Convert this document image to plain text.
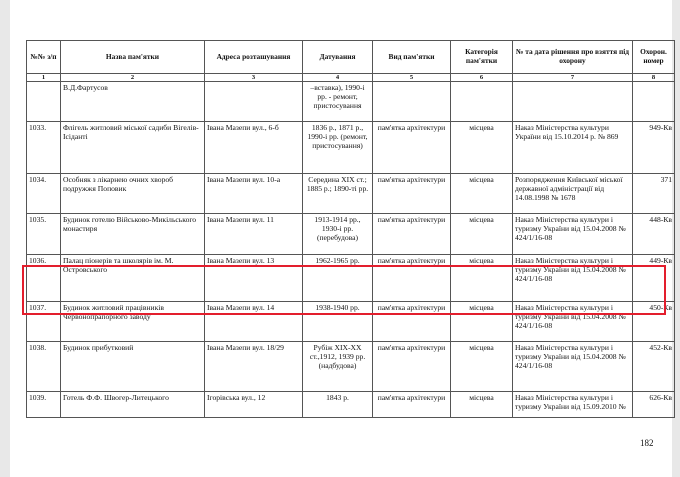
№№ з/п	Назва пам'ятки	Адреса розташування	Датування	Вид пам'ятки	Категорія пам'ятки	№ та дата рішення про взяття під охорону	Охорон. номер
1	2	3	4	5	6	7	8
	В.Д.Фартусов		–вставка), 1990-і рр. - ремонт, пристосування				
1033.	Флігель житловий міської садиби Вігелів-Ісіданті	Івана Мазепи вул., 6-б	1836 р., 1871 р., 1990-і рр. (ремонт, пристосування)	пам'ятка архітектури	місцева	Наказ Міністерства культури України від 15.10.2014 р. № 869	949-Кв
1034.	Особняк з лікарнею очних хвороб подружжя Поповик	Івана Мазепи вул. 10-а	Середина XIX ст.; 1885 р.; 1890-ті рр.	пам'ятка архітектури	місцева	Розпорядження Київської міської державної адміністрації від 14.08.1998 № 1678	371
1035.	Будинок готелю Військово-Микільського монастиря	Івана Мазепи вул. 11	1913-1914 рр., 1930-і рр. (перебудова)	пам'ятка архітектури	місцева	Наказ Міністерства культури і туризму України від 15.04.2008 № 424/1/16-08	448-Кв
1036.	Палац піонерів та школярів ім. М. Островського	Івана Мазепи вул. 13	1962-1965 рр.	пам'ятка архітектури	місцева	Наказ Міністерства культури і туризму України від 15.04.2008 № 424/1/16-08	449-Кв
1037.	Будинок житловий працівників Червонопрапорного заводу	Івана Мазепи вул. 14	1938-1940 рр.	пам'ятка архітектури	місцева	Наказ Міністерства культури і туризму України від 15.04.2008 № 424/1/16-08	450-Кв
1038.	Будинок прибутковий	Івана Мазепи вул. 18/29	Рубіж XIX-XX ст.,1912, 1939 рр.(надбудова)	пам'ятка архітектури	місцева	Наказ Міністерства культури і туризму України від 15.04.2008 № 424/1/16-08	452-Кв
1039.	Готель Ф.Ф. Швогер-Литецького	Ігорівська вул., 12	1843 р.	пам'ятка архітектури	місцева	Наказ Міністерства культури і туризму України від 15.09.2010 №	626-Кв
182
